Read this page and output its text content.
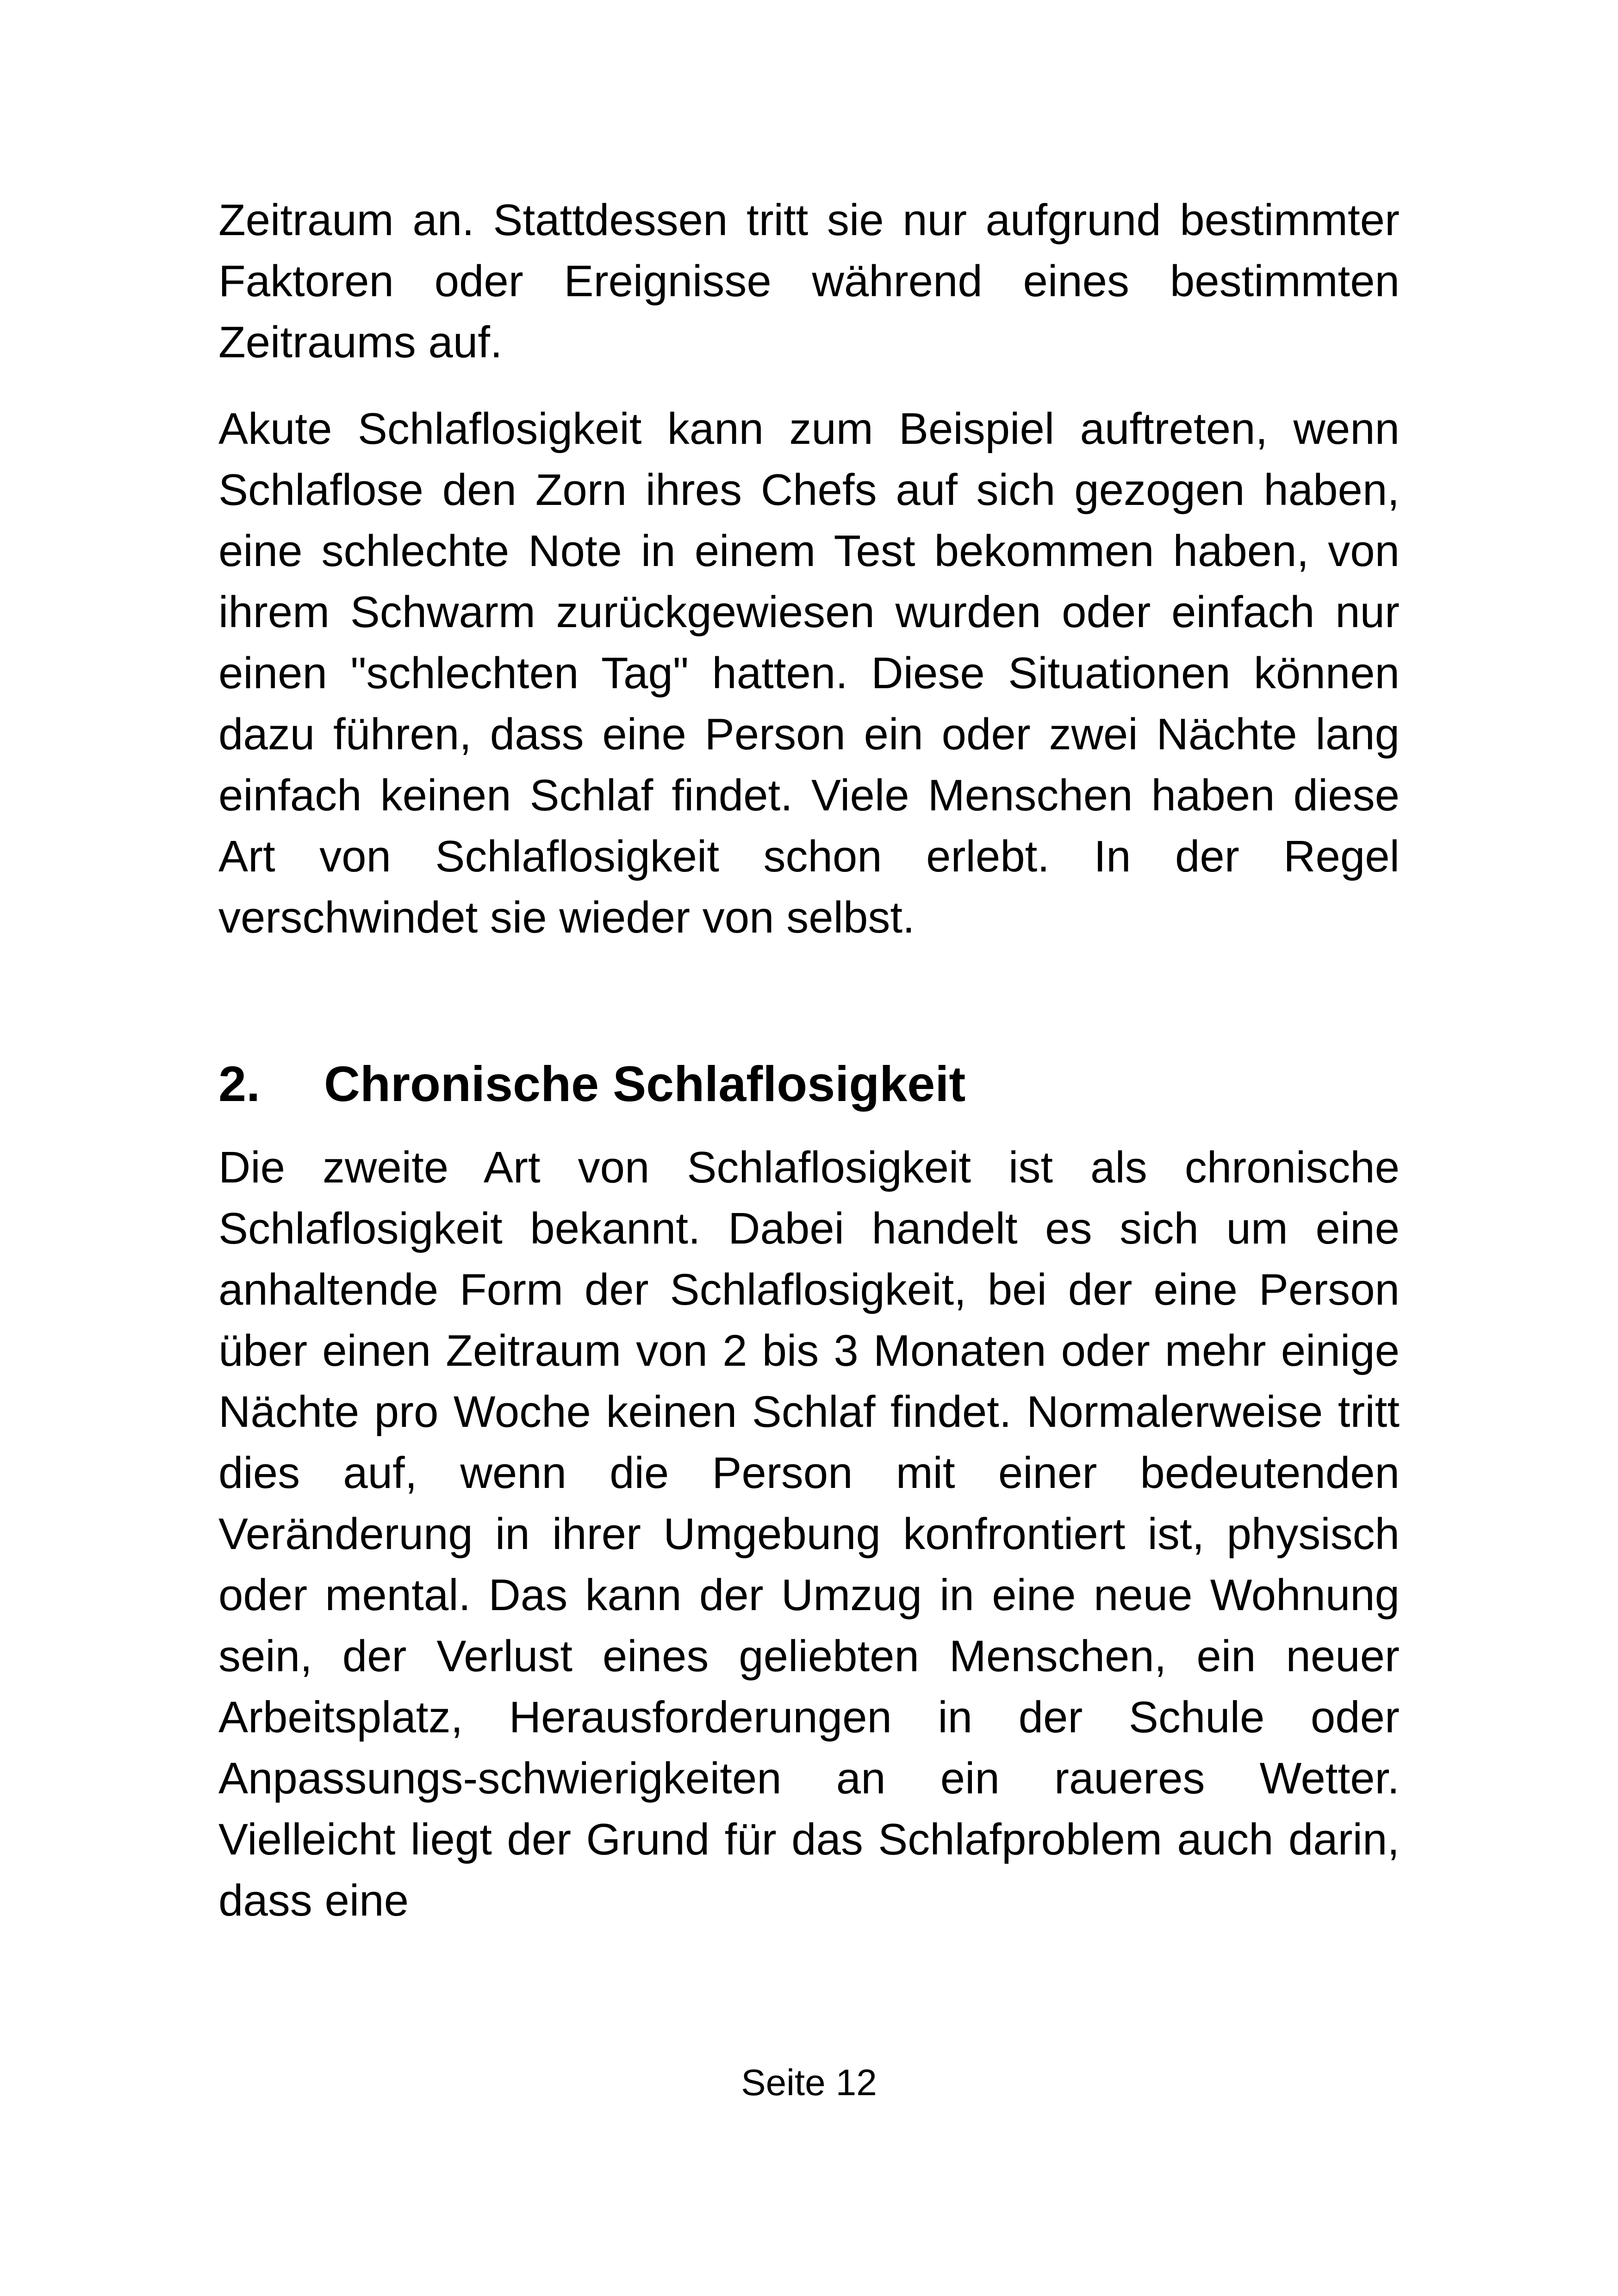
Zeitraum an. Stattdessen tritt sie nur aufgrund bestimmter Faktoren oder Ereignisse während eines bestimmten Zeitraums auf.

Akute Schlaflosigkeit kann zum Beispiel auftreten, wenn Schlaflose den Zorn ihres Chefs auf sich gezogen haben, eine schlechte Note in einem Test bekommen haben, von ihrem Schwarm zurückgewiesen wurden oder einfach nur einen "schlechten Tag" hatten. Diese Situationen können dazu führen, dass eine Person ein oder zwei Nächte lang einfach keinen Schlaf findet. Viele Menschen haben diese Art von Schlaflosigkeit schon erlebt. In der Regel verschwindet sie wieder von selbst.

2. Chronische Schlaflosigkeit

Die zweite Art von Schlaflosigkeit ist als chronische Schlaflosigkeit bekannt. Dabei handelt es sich um eine anhaltende Form der Schlaflosigkeit, bei der eine Person über einen Zeitraum von 2 bis 3 Monaten oder mehr einige Nächte pro Woche keinen Schlaf findet. Normalerweise tritt dies auf, wenn die Person mit einer bedeutenden Veränderung in ihrer Umgebung konfrontiert ist, physisch oder mental. Das kann der Umzug in eine neue Wohnung sein, der Verlust eines geliebten Menschen, ein neuer Arbeitsplatz, Herausforderungen in der Schule oder Anpassungs-schwierigkeiten an ein raueres Wetter. Vielleicht liegt der Grund für das Schlafproblem auch darin, dass eine

Seite 12
